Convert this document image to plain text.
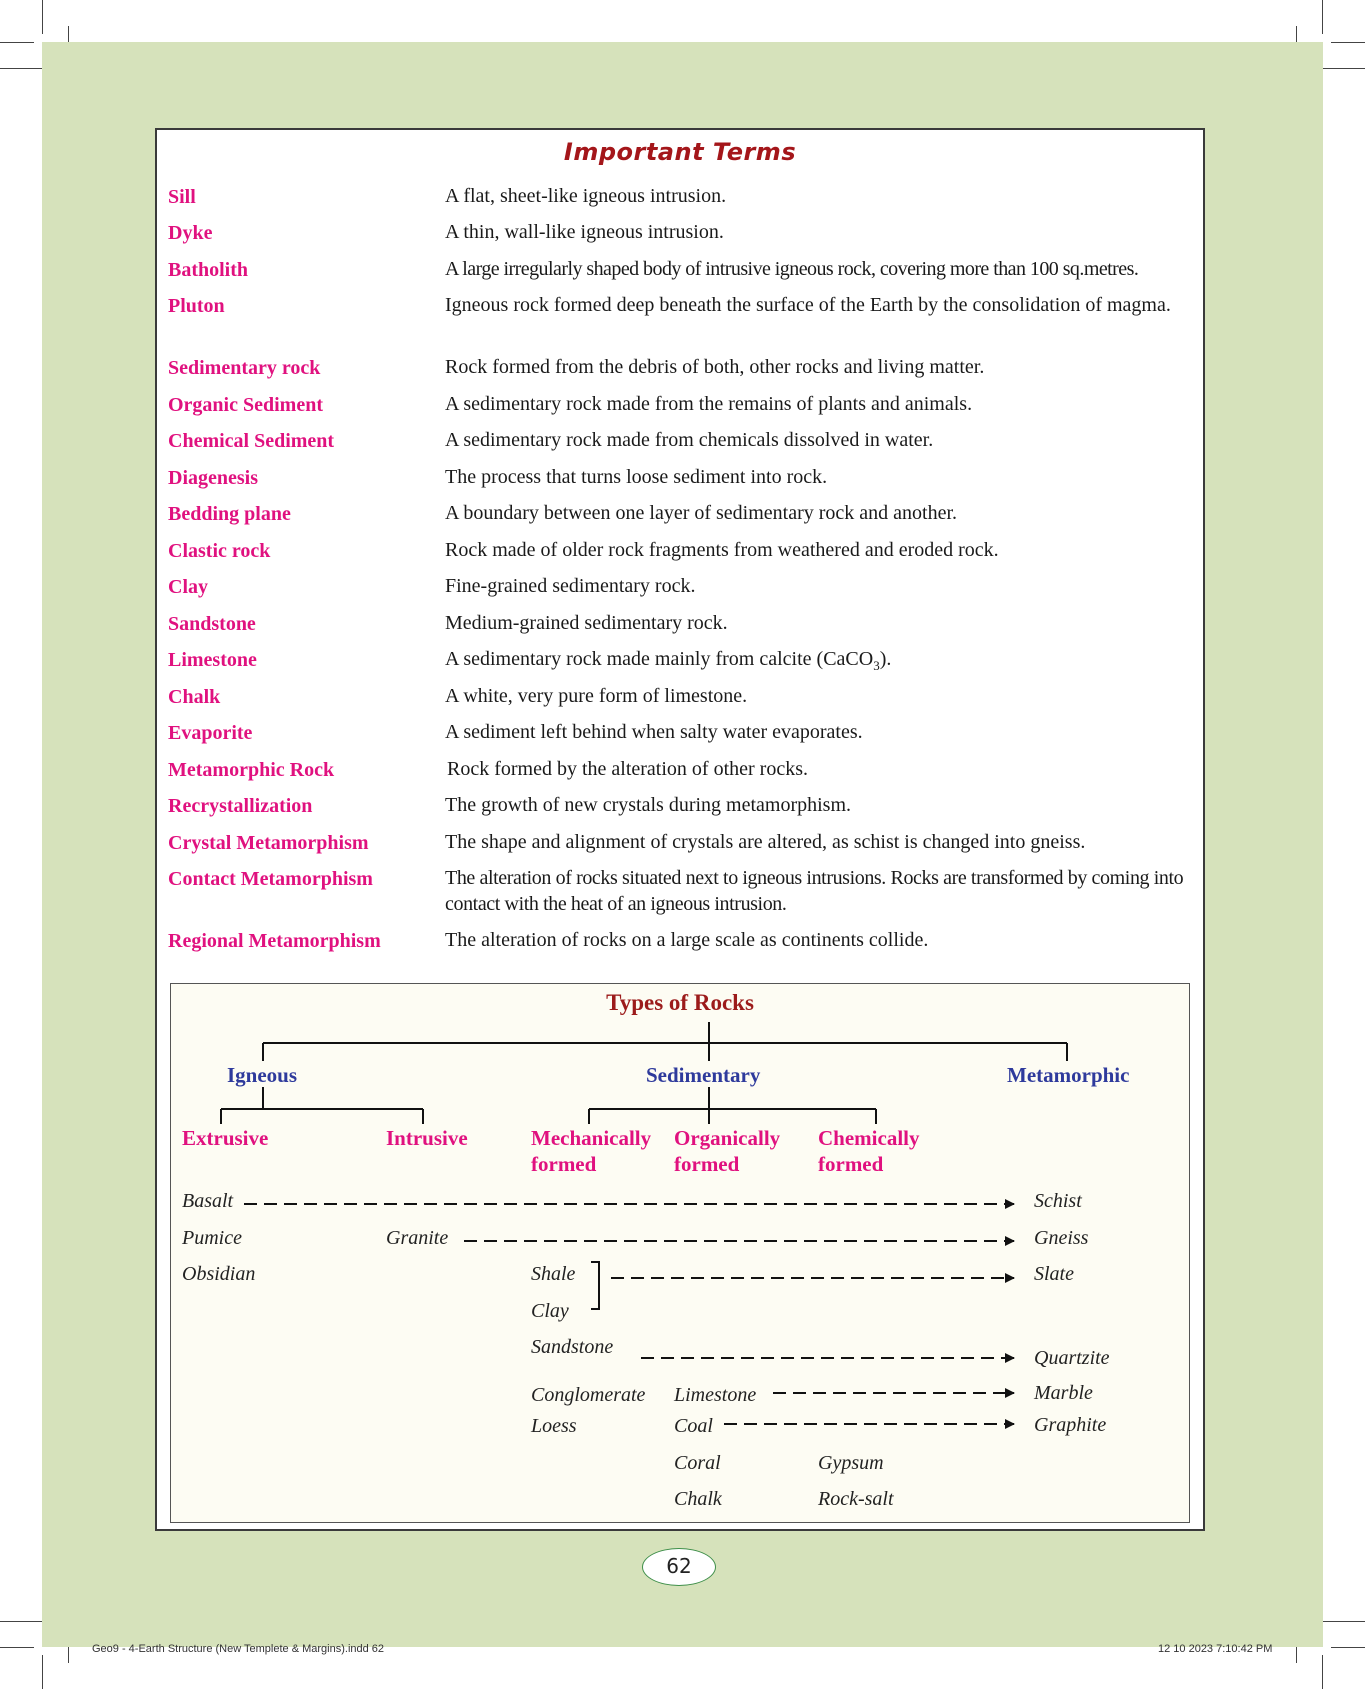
Important Terms
Sill	A flat, sheet-like igneous intrusion.
Dyke	A thin, wall-like igneous intrusion.
Batholith	A large irregularly shaped body of intrusive igneous rock, covering more than 100 sq.metres.
Pluton	Igneous rock formed deep beneath the surface of the Earth by the consolidation of magma.
Sedimentary rock	Rock formed from the debris of both, other rocks and living matter.
Organic Sediment	A sedimentary rock made from the remains of plants and animals.
Chemical Sediment	A sedimentary rock made from chemicals dissolved in water.
Diagenesis	The process that turns loose sediment into rock.
Bedding plane	A boundary between one layer of sedimentary rock and another.
Clastic rock	Rock made of older rock fragments from weathered and eroded rock.
Clay	Fine-grained sedimentary rock.
Sandstone	Medium-grained sedimentary rock.
Limestone	A sedimentary rock made mainly from calcite (CaCO$_3$).
Chalk	A white, very pure form of limestone.
Evaporite	A sediment left behind when salty water evaporates.
Metamorphic Rock	Rock formed by the alteration of other rocks.
Recrystallization	The growth of new crystals during metamorphism.
Crystal Metamorphism	The shape and alignment of crystals are altered, as schist is changed into gneiss.
Contact Metamorphism	The alteration of rocks situated next to igneous intrusions. Rocks are transformed by coming into contact with the heat of an igneous intrusion.
Regional Metamorphism	The alteration of rocks on a large scale as continents collide.
Types of Rocks
Igneous	Sedimentary	Metamorphic
Extrusive	Intrusive	Mechanically
formed
Organically
formed
Chemically
formed
Basalt
Pumice
Obsidian
Granite
Shale
Clay
Sandstone
Conglomerate
Loess
Limestone
Coal
Coral
Chalk
Gypsum
Rock-salt
Schist
Gneiss
Slate
Quartzite
Marble
Graphite
62
Geo9 - 4-Earth Structure (New Templete & Margins).indd 62	12 10 2023 7:10:42 PM
